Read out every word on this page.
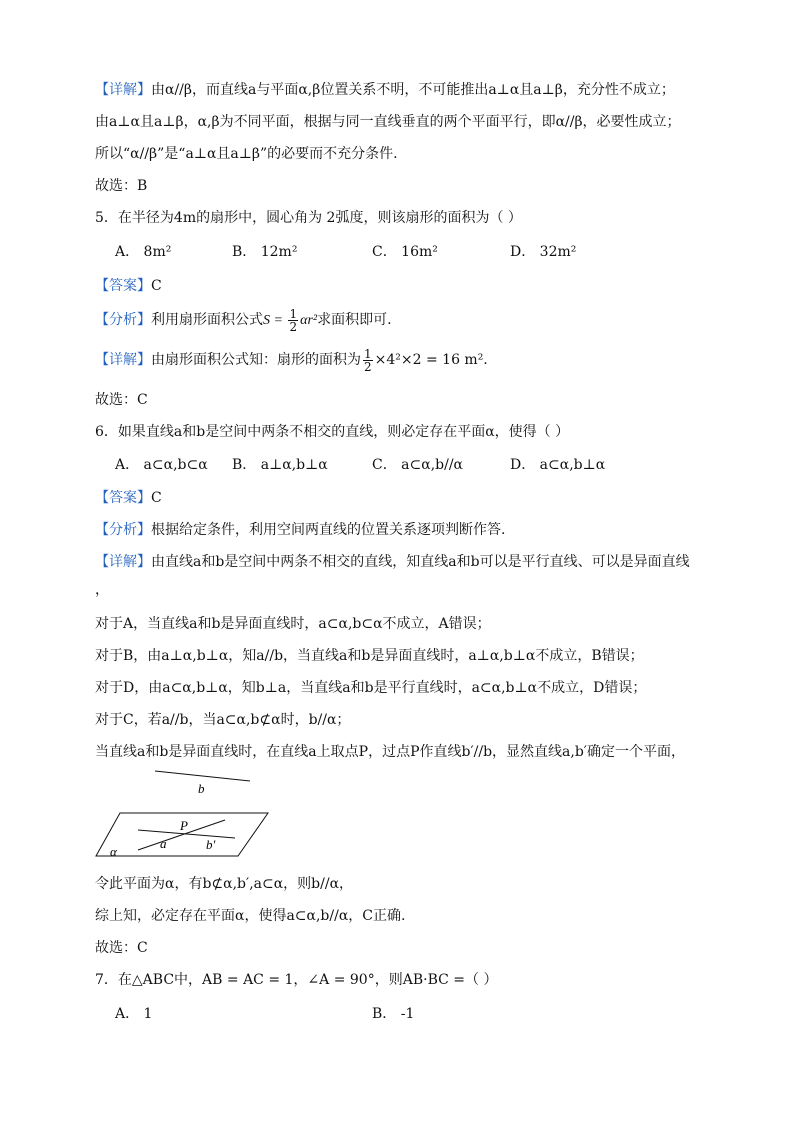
【详解】由α//β，而直线a与平面α,β位置关系不明，不可能推出a⊥α且a⊥β，充分性不成立；
由a⊥α且a⊥β，α,β为不同平面，根据与同一直线垂直的两个平面平行，即α//β，必要性成立；
所以“α//β”是“a⊥α且a⊥β”的必要而不充分条件.
故选：B
5．在半径为4m的扇形中，圆心角为 2弧度，则该扇形的面积为（ ）
A． 8m²	B． 12m²	C． 16m²	D． 32m²
【答案】C
【分析】利用扇形面积公式$S = \frac{1}{2} \alpha r^2$求面积即可.
【详解】由扇形面积公式知：扇形的面积为 $\frac{1}{2} \times 4^2\times 2 = 16$ m².
故选：C
6．如果直线a和b是空间中两条不相交的直线，则必定存在平面α，使得（ ）
A． a⊂α,b⊂α B． a⊥α,b⊥α	C． a⊂α,b//α	D． a⊂α,b⊥α
【答案】C
【分析】根据给定条件，利用空间两直线的位置关系逐项判断作答.
【详解】由直线a和b是空间中两条不相交的直线，知直线a和b可以是平行直线、可以是异面直线
，
对于A，当直线a和b是异面直线时，a⊂α,b⊂α不成立，A错误；
对于B，由a⊥α,b⊥α，知a//b，当直线a和b是异面直线时，a⊥α,b⊥α不成立，B错误；
对于D，由a⊂α,b⊥α，知b⊥a，当直线a和b是平行直线时，a⊂α,b⊥α不成立，D错误；
对于C，若a//b，当a⊂α,b⊄α时，b//α；
当直线a和b是异面直线时，在直线a上取点P，过点P作直线b′//b，显然直线a,b′确定一个平面，
b
P
a	b′
α
令此平面为α，有b⊄α,b′,a⊂α，则b//α，
综上知，必定存在平面α，使得a⊂α,b//α，C正确.
故选：C
7．在△ABC中，AB = AC = 1，∠A = 90°，则AB·BC =（ ）
A． 1	B． -1
